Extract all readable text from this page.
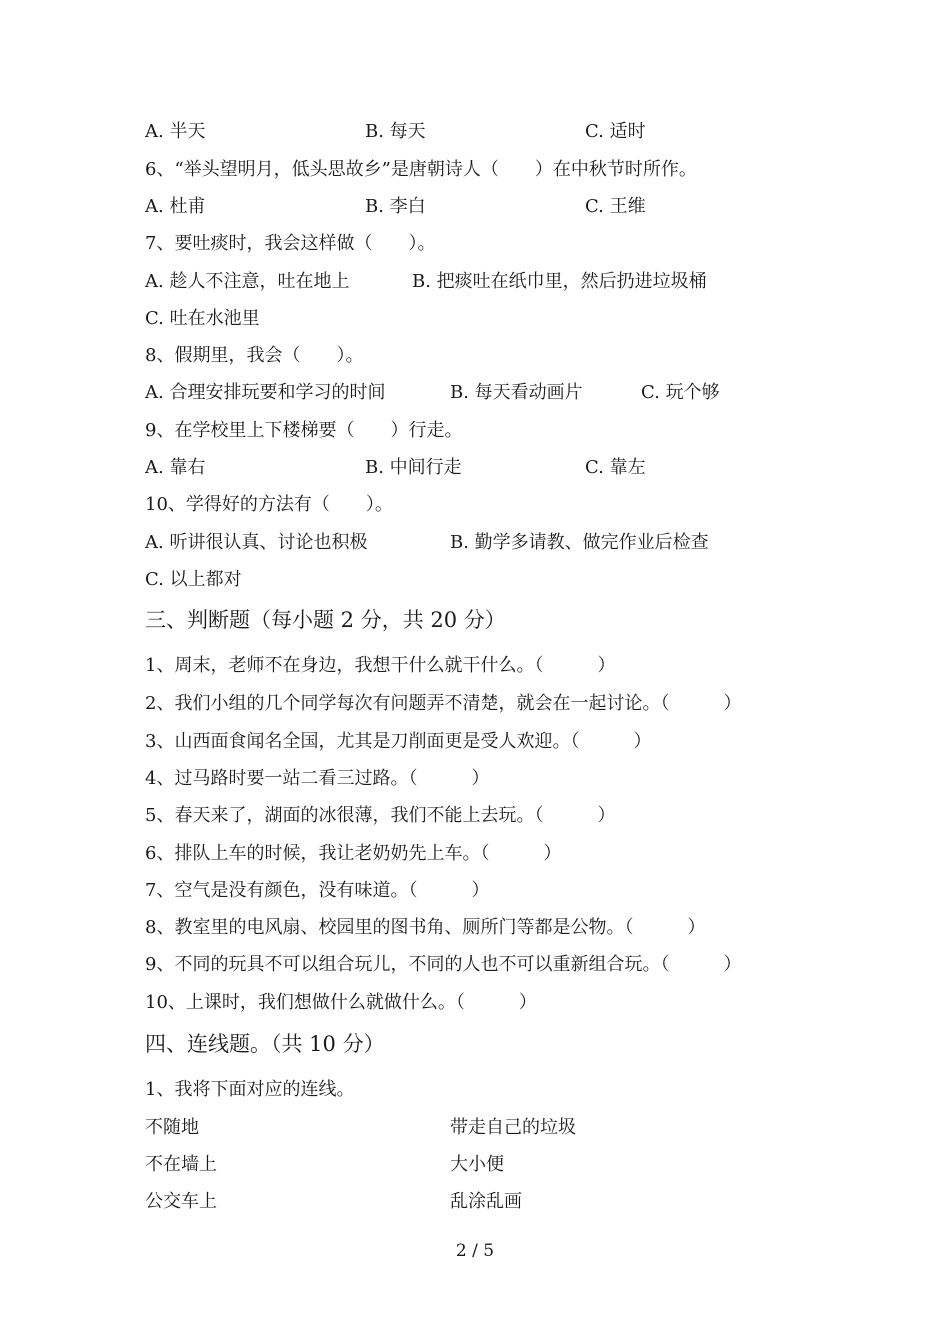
A. 半天	B. 每天	C. 适时
6、“举头望明月，低头思故乡”是唐朝诗人（　　）在中秋节时所作。
A. 杜甫	B. 李白	C. 王维
7、要吐痰时，我会这样做（　　）。
A. 趁人不注意，吐在地上	B. 把痰吐在纸巾里，然后扔进垃圾桶
C. 吐在水池里
8、假期里，我会（　　）。
A. 合理安排玩要和学习的时间	B. 每天看动画片	C. 玩个够
9、在学校里上下楼梯要（　　）行走。
A. 靠右	B. 中间行走	C. 靠左
10、学得好的方法有（　　）。
A. 听讲很认真、讨论也积极	B. 勤学多请教、做完作业后检查
C. 以上都对
三、判断题（每小题 2 分，共 20 分）
1、周末，老师不在身边，我想干什么就干什么。（　　　）
2、我们小组的几个同学每次有问题弄不清楚，就会在一起讨论。（　　　）
3、山西面食闻名全国，尤其是刀削面更是受人欢迎。（　　　）
4、过马路时要一站二看三过路。（　　　）
5、春天来了，湖面的冰很薄，我们不能上去玩。（　　　）
6、排队上车的时候，我让老奶奶先上车。（　　　）
7、空气是没有颜色，没有味道。（　　　）
8、教室里的电风扇、校园里的图书角、厕所门等都是公物。（　　　）
9、不同的玩具不可以组合玩儿，不同的人也不可以重新组合玩。（　　　）
10、上课时，我们想做什么就做什么。（　　　）
四、连线题。（共 10 分）
1、我将下面对应的连线。
不随地	带走自己的垃圾
不在墙上	大小便
公交车上	乱涂乱画
2 / 5
